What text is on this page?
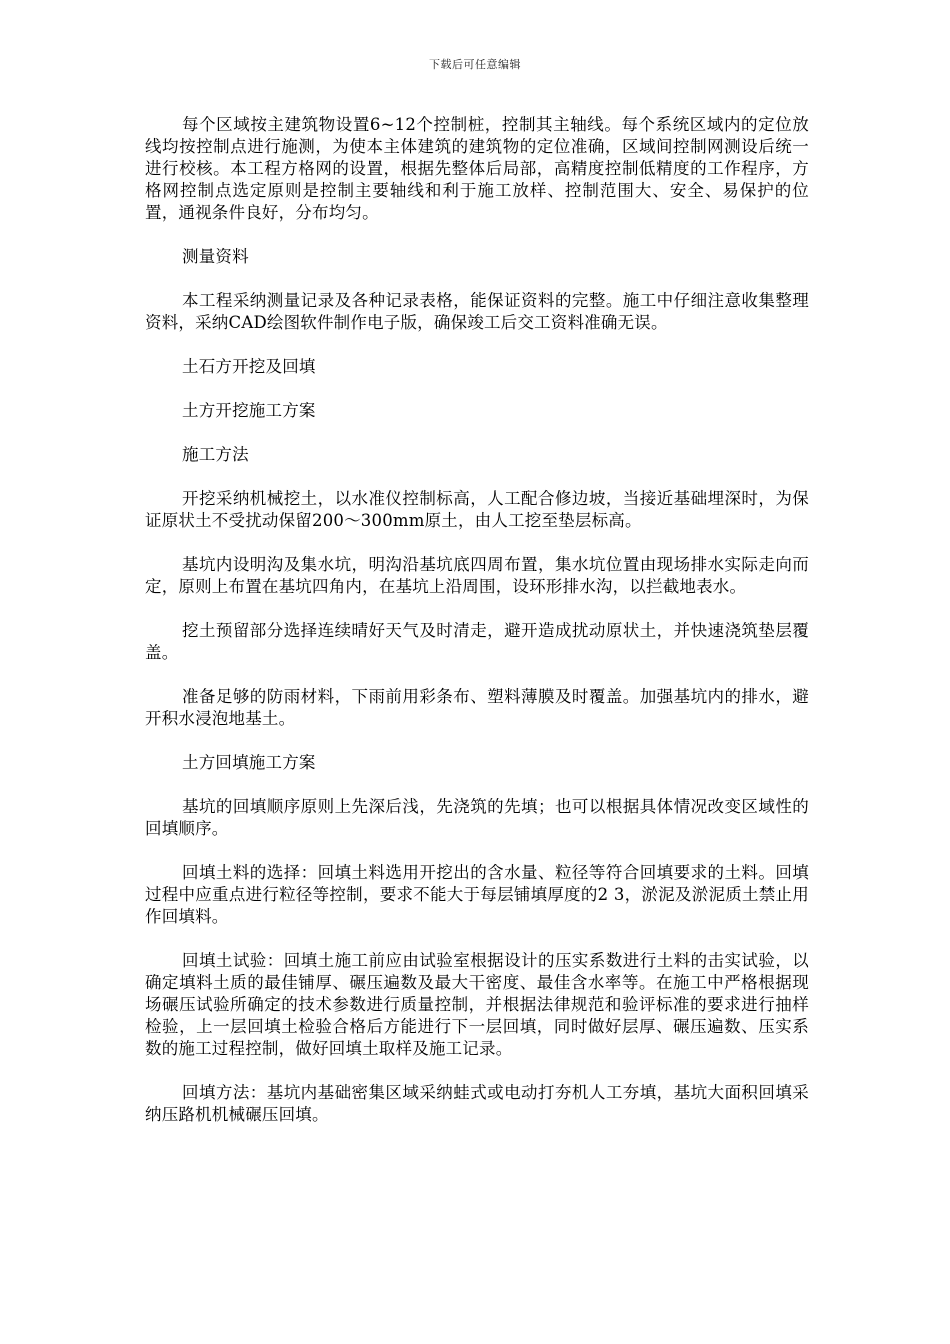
下载后可任意编辑

每个区域按主建筑物设置6~12个控制桩，控制其主轴线。每个系统区域内的定位放线均按控制点进行施测，为使本主体建筑的建筑物的定位准确，区域间控制网测设后统一进行校核。本工程方格网的设置，根据先整体后局部，高精度控制低精度的工作程序，方格网控制点选定原则是控制主要轴线和利于施工放样、控制范围大、安全、易保护的位置，通视条件良好，分布均匀。

测量资料

本工程采纳测量记录及各种记录表格，能保证资料的完整。施工中仔细注意收集整理资料，采纳CAD绘图软件制作电子版，确保竣工后交工资料准确无误。

土石方开挖及回填

土方开挖施工方案

施工方法

开挖采纳机械挖土，以水准仪控制标高，人工配合修边坡，当接近基础埋深时，为保证原状土不受扰动保留200～300mm原土，由人工挖至垫层标高。

基坑内设明沟及集水坑，明沟沿基坑底四周布置，集水坑位置由现场排水实际走向而定，原则上布置在基坑四角内，在基坑上沿周围，设环形排水沟，以拦截地表水。

挖土预留部分选择连续晴好天气及时清走，避开造成扰动原状土，并快速浇筑垫层覆盖。

准备足够的防雨材料，下雨前用彩条布、塑料薄膜及时覆盖。加强基坑内的排水，避开积水浸泡地基土。

土方回填施工方案

基坑的回填顺序原则上先深后浅，先浇筑的先填；也可以根据具体情况改变区域性的回填顺序。

回填土料的选择：回填土料选用开挖出的含水量、粒径等符合回填要求的土料。回填过程中应重点进行粒径等控制，要求不能大于每层铺填厚度的2 3，淤泥及淤泥质土禁止用作回填料。

回填土试验：回填土施工前应由试验室根据设计的压实系数进行土料的击实试验，以确定填料土质的最佳铺厚、碾压遍数及最大干密度、最佳含水率等。在施工中严格根据现场碾压试验所确定的技术参数进行质量控制，并根据法律规范和验评标准的要求进行抽样检验，上一层回填土检验合格后方能进行下一层回填，同时做好层厚、碾压遍数、压实系数的施工过程控制，做好回填土取样及施工记录。

回填方法：基坑内基础密集区域采纳蛙式或电动打夯机人工夯填，基坑大面积回填采纳压路机机械碾压回填。
